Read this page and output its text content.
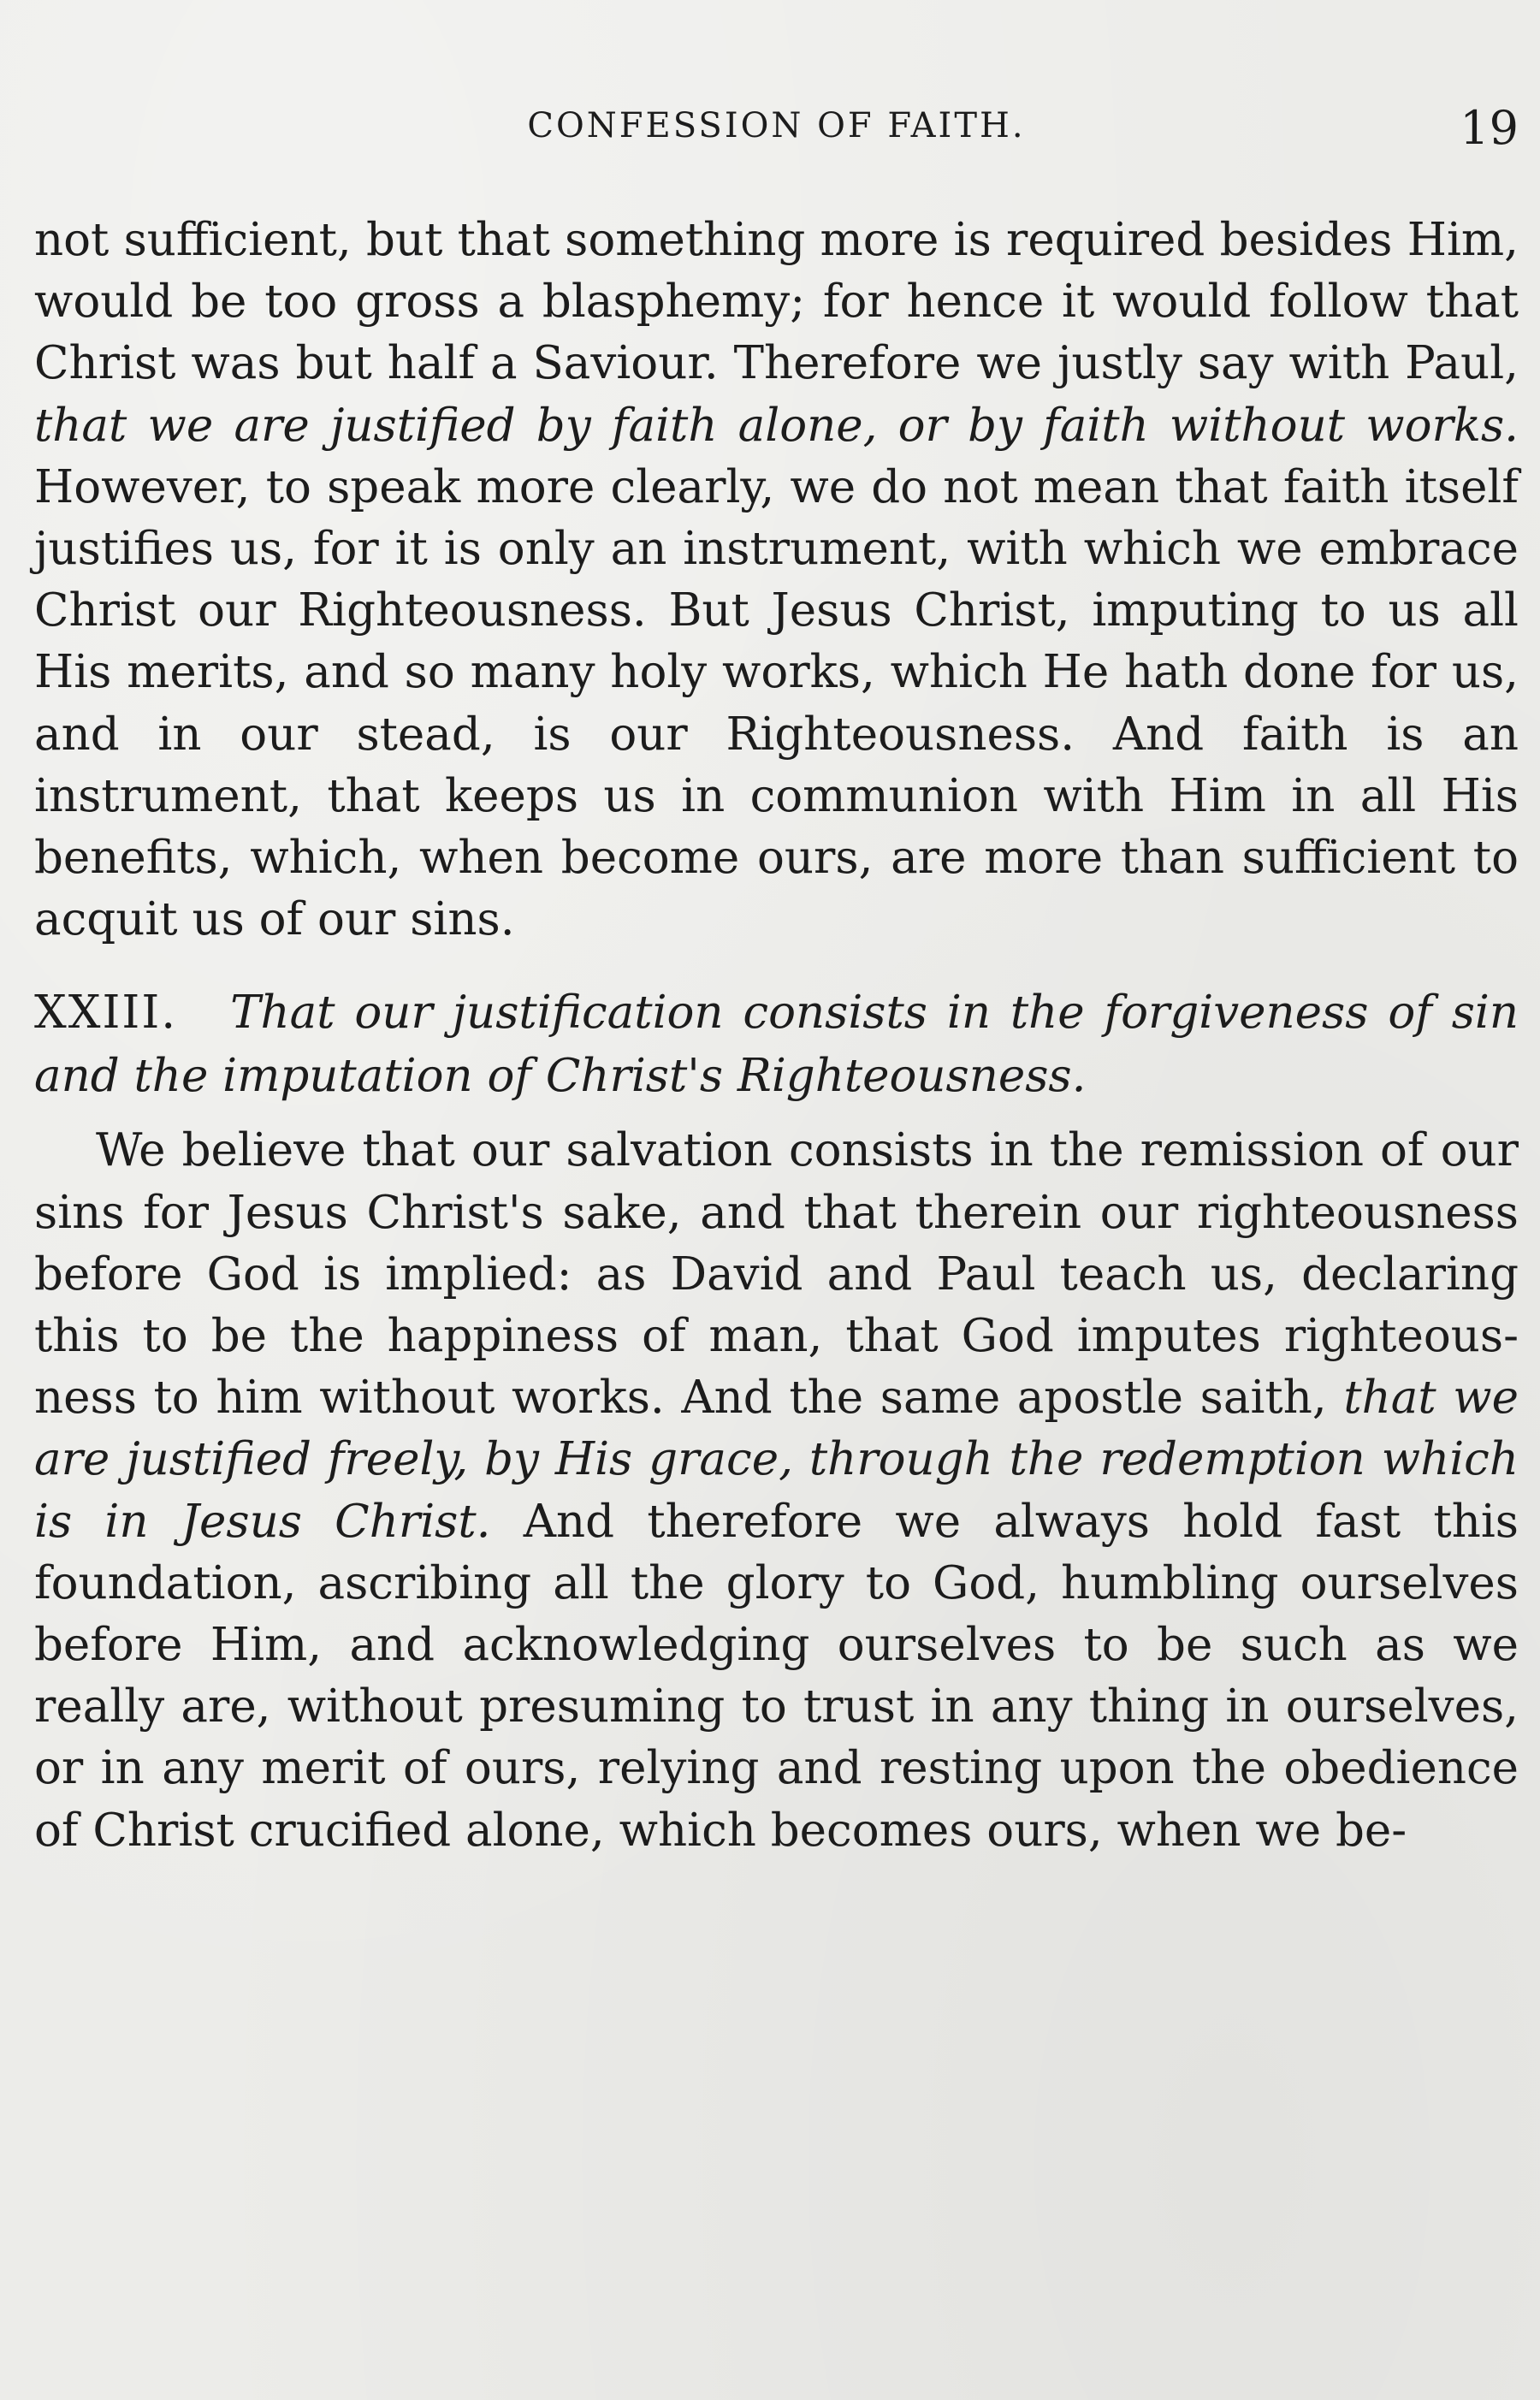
CONFESSION OF FAITH.	19

not sufficient, but that something more is required besides Him, would be too gross a blasphemy; for hence it would follow that Christ was but half a Saviour. Therefore we justly say with Paul, that we are justified by faith alone, or by faith without works. However, to speak more clearly, we do not mean that faith itself justifies us, for it is only an instrument, with which we embrace Christ our Righteousness. But Jesus Christ, imputing to us all His merits, and so many holy works, which He hath done for us, and in our stead, is our Righteousness. And faith is an instrument, that keeps us in communion with Him in all His benefits, which, when become ours, are more than sufficient to acquit us of our sins.

XXIII. That our justification consists in the forgiveness of sin and the imputation of Christ's Righteousness.

We believe that our salvation consists in the remission of our sins for Jesus Christ's sake, and that therein our righteousness before God is implied: as David and Paul teach us, declaring this to be the happiness of man, that God imputes righteousness to him without works. And the same apostle saith, that we are justified freely, by His grace, through the redemption which is in Jesus Christ. And therefore we always hold fast this foundation, ascribing all the glory to God, humbling ourselves before Him, and acknowledging ourselves to be such as we really are, without presuming to trust in any thing in ourselves, or in any merit of ours, relying and resting upon the obedience of Christ crucified alone, which becomes ours, when we be-
